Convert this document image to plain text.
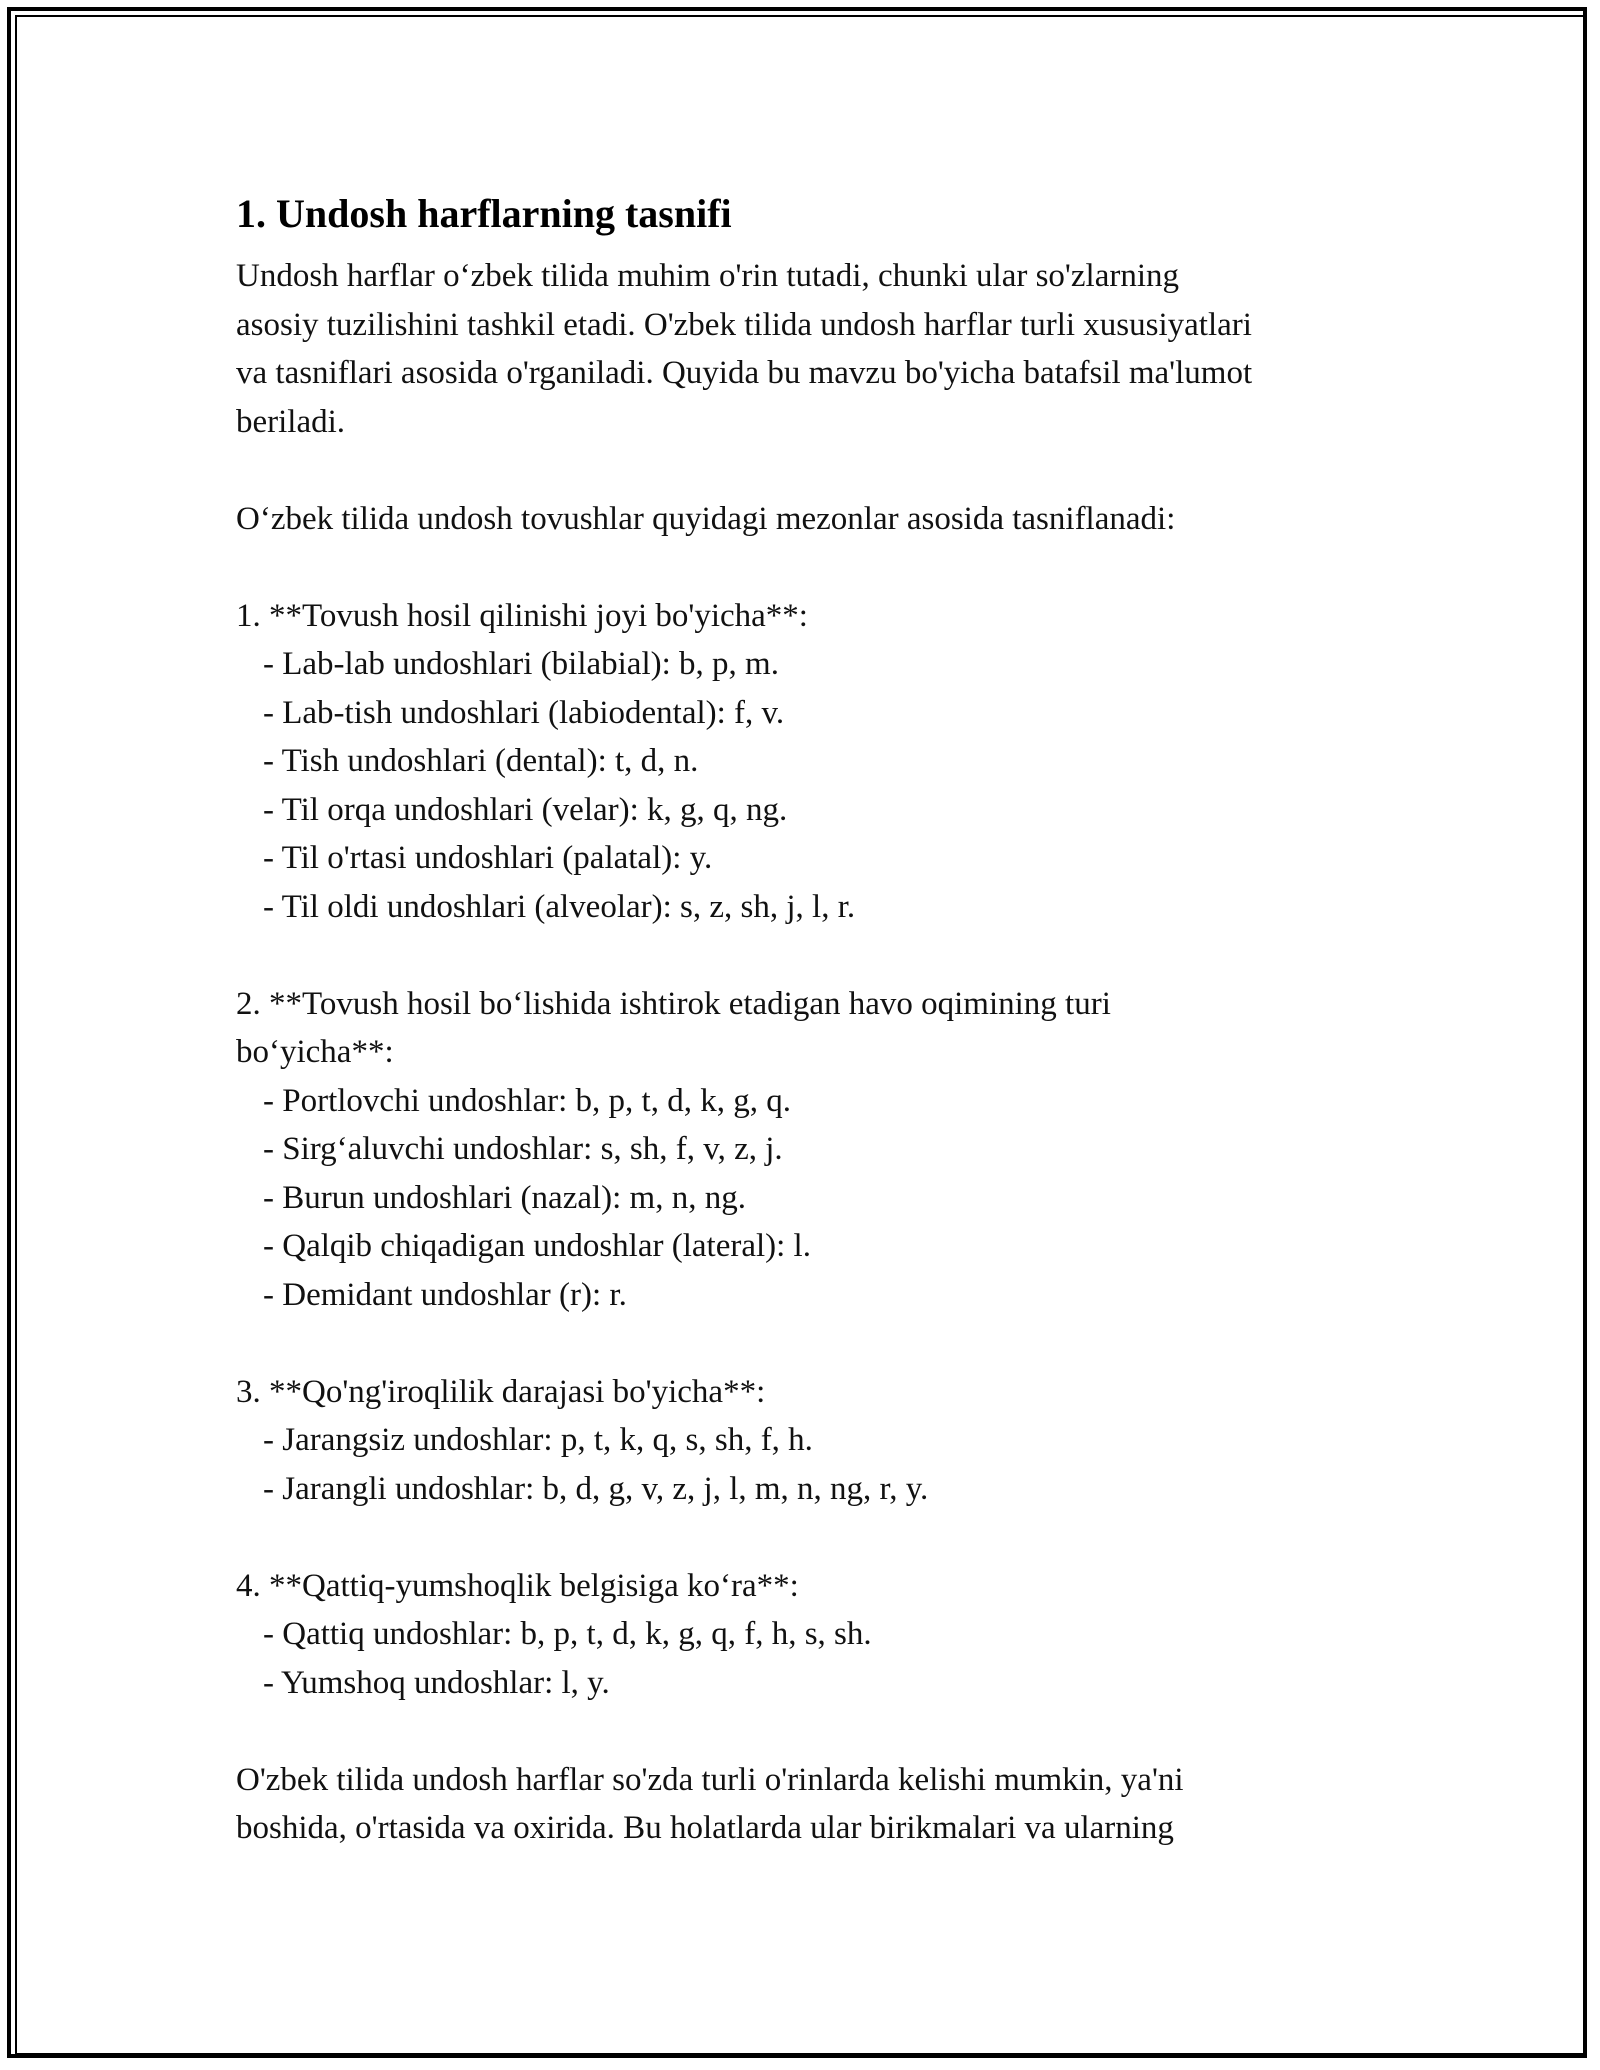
1. Undosh harflarning tasnifi
Undosh harflar o‘zbek tilida muhim o'rin tutadi, chunki ular so'zlarning
asosiy tuzilishini tashkil etadi. O'zbek tilida undosh harflar turli xususiyatlari
va tasniflari asosida o'rganiladi. Quyida bu mavzu bo'yicha batafsil ma'lumot
beriladi.
O‘zbek tilida undosh tovushlar quyidagi mezonlar asosida tasniflanadi:
1. **Tovush hosil qilinishi joyi bo'yicha**:
- Lab-lab undoshlari (bilabial): b, p, m.
- Lab-tish undoshlari (labiodental): f, v.
- Tish undoshlari (dental): t, d, n.
- Til orqa undoshlari (velar): k, g, q, ng.
- Til o'rtasi undoshlari (palatal): y.
- Til oldi undoshlari (alveolar): s, z, sh, j, l, r.
2. **Tovush hosil bo‘lishida ishtirok etadigan havo oqimining turi
bo‘yicha**:
- Portlovchi undoshlar: b, p, t, d, k, g, q.
- Sirg‘aluvchi undoshlar: s, sh, f, v, z, j.
- Burun undoshlari (nazal): m, n, ng.
- Qalqib chiqadigan undoshlar (lateral): l.
- Demidant undoshlar (r): r.
3. **Qo'ng'iroqlilik darajasi bo'yicha**:
- Jarangsiz undoshlar: p, t, k, q, s, sh, f, h.
- Jarangli undoshlar: b, d, g, v, z, j, l, m, n, ng, r, y.
4. **Qattiq-yumshoqlik belgisiga ko‘ra**:
- Qattiq undoshlar: b, p, t, d, k, g, q, f, h, s, sh.
- Yumshoq undoshlar: l, y.
O'zbek tilida undosh harflar so'zda turli o'rinlarda kelishi mumkin, ya'ni
boshida, o'rtasida va oxirida. Bu holatlarda ular birikmalari va ularning
